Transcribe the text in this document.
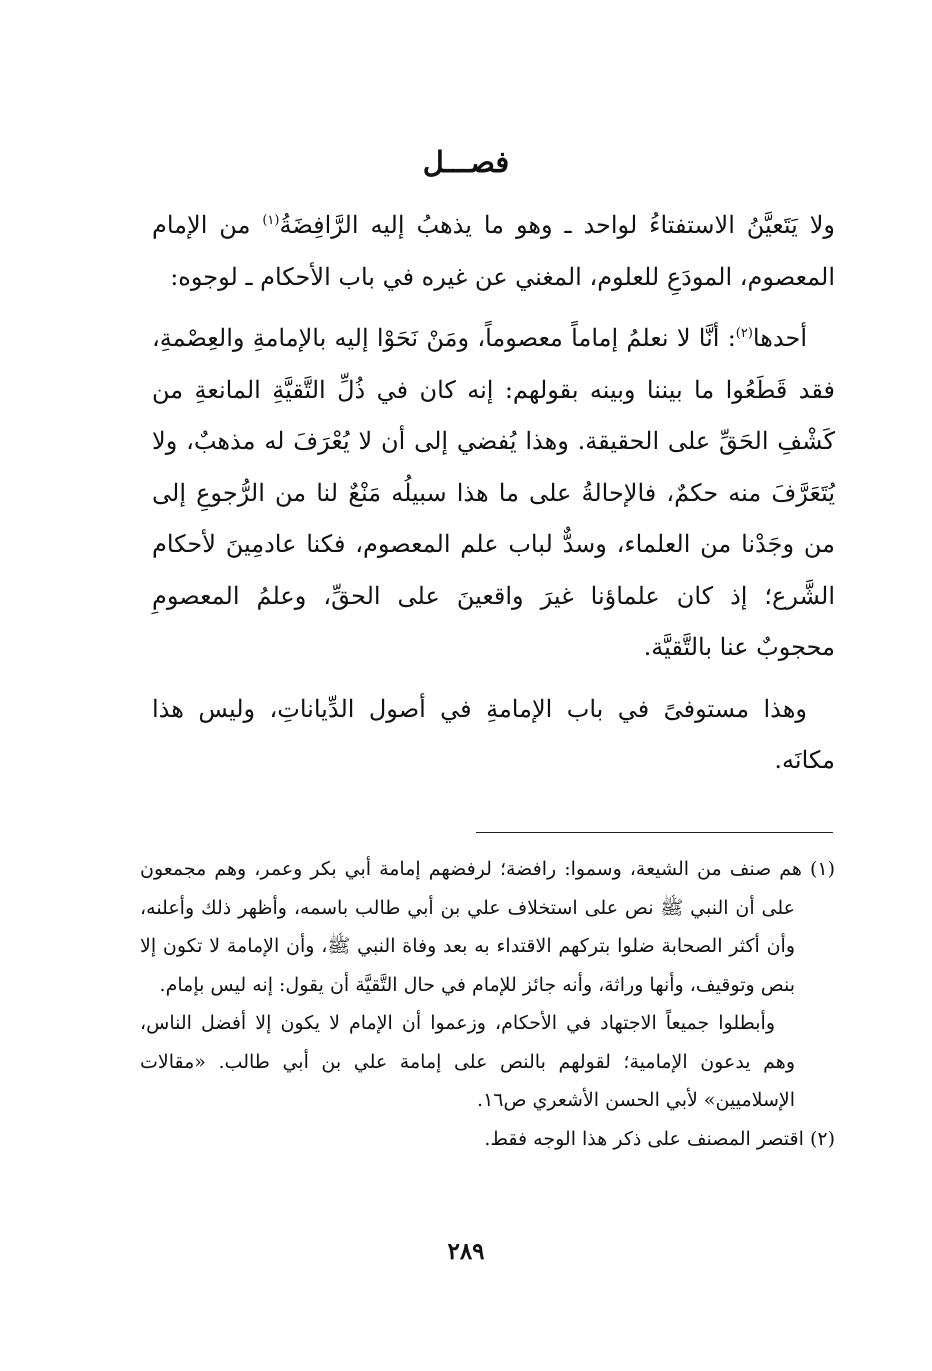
فصـــل

ولا يَتَعيَّنُ الاستفتاءُ لواحد ـ وهو ما يذهبُ إليه الرَّافِضَةُ$^{(١)}$ من الإمام المعصوم، المودَعِ للعلوم، المغني عن غيره في باب الأحكام ـ لوجوه:

أحدها$^{(٢)}$: أنَّا لا نعلمُ إماماً معصوماً، ومَنْ نَحَوْا إليه بالإمامةِ والعِصْمةِ، فقد قَطَعُوا ما بيننا وبينه بقولهم: إنه كان في ذُلِّ التَّقيَّةِ المانعةِ من كَشْفِ الحَقِّ على الحقيقة. وهذا يُفضي إلى أن لا يُعْرَفَ له مذهبٌ، ولا يُتَعَرَّفَ منه حكمٌ، فالإحالةُ على ما هذا سبيلُه مَنْعٌ لنا من الرُّجوعِ إلى من وجَدْنا من العلماء، وسدٌّ لباب علم المعصوم، فكنا عادمِينَ لأحكام الشَّرع؛ إذ كان علماؤنا غيرَ واقعينَ على الحقِّ، وعلمُ المعصومِ محجوبٌ عنا بالتَّقيَّة.

وهذا مستوفىً في باب الإمامةِ في أصول الدِّياناتِ، وليس هذا مكانَه.

(١) هم صنف من الشيعة، وسموا: رافضة؛ لرفضهم إمامة أبي بكر وعمر، وهم مجمعون على أن النبي ﷺ نص على استخلاف علي بن أبي طالب باسمه، وأظهر ذلك وأعلنه، وأن أكثر الصحابة ضلوا بتركهم الاقتداء به بعد وفاة النبي ﷺ، وأن الإمامة لا تكون إلا بنص وتوقيف، وأنها وراثة، وأنه جائز للإمام في حال التَّقيَّة أن يقول: إنه ليس بإمام.

وأبطلوا جميعاً الاجتهاد في الأحكام، وزعموا أن الإمام لا يكون إلا أفضل الناس، وهم يدعون الإمامية؛ لقولهم بالنص على إمامة علي بن أبي طالب. «مقالات الإسلاميين» لأبي الحسن الأشعري ص١٦.

(٢) اقتصر المصنف على ذكر هذا الوجه فقط.

٢٨٩
